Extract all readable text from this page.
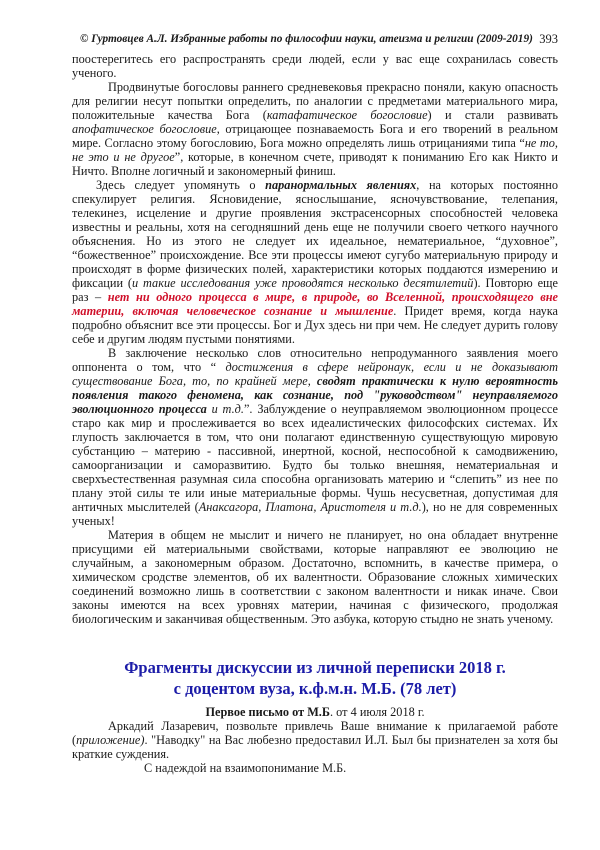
© Гуртовцев А.Л. Избранные работы по философии науки, атеизма и религии (2009-2019) 393

поостерегитесь его распространять среди людей, если у вас еще сохранилась совесть ученого.

Продвинутые богословы раннего средневековья прекрасно поняли, какую опасность для религии несут попытки определить, по аналогии с предметами материального мира, положительные качества Бога (катафатическое богословие) и стали развивать апофатическое богословие, отрицающее познаваемость Бога и его творений в реальном мире. Согласно этому богословию, Бога можно определять лишь отрицаниями типа “не то, не это и не другое”, которые, в конечном счете, приводят к пониманию Его как Никто и Ничто. Вполне логичный и закономерный финиш.

Здесь следует упомянуть о паранормальных явлениях, на которых постоянно спекулирует религия. Ясновидение, яснослышание, ясночувствование, телепания, телекинез, исцеление и другие проявления экстрасенсорных способностей человека известны и реальны, хотя на сегодняшний день еще не получили своего четкого научного объяснения. Но из этого не следует их идеальное, нематериальное, “духовное”, “божественное” происхождение. Все эти процессы имеют сугубо материальную природу и происходят в форме физических полей, характеристики которых поддаются измерению и фиксации (и такие исследования уже проводятся несколько десятилетий). Повторю еще раз – нет ни одного процесса в мире, в природе, во Вселенной, происходящего вне материи, включая человеческое сознание и мышление. Придет время, когда наука подробно объяснит все эти процессы. Бог и Дух здесь ни при чем. Не следует дурить голову себе и другим людям пустыми понятиями.

В заключение несколько слов относительно непродуманного заявления моего оппонента о том, что “ достижения в сфере нейронаук, если и не доказывают существование Бога, то, по крайней мере, сводят практически к нулю вероятность появления такого феномена, как сознание, под "руководством" неуправляемого эволюционного процесса и т.д.”. Заблуждение о неуправляемом эволюционном процессе старо как мир и прослеживается во всех идеалистических философских системах. Их глупость заключается в том, что они полагают единственную существующую мировую субстанцию – материю - пассивной, инертной, косной, неспособной к самодвижению, самоорганизации и саморазвитию. Будто бы только внешняя, нематериальная и сверхъестественная разумная сила способна организовать материю и “слепить” из нее по плану этой силы те или иные материальные формы. Чушь несусветная, допустимая для античных мыслителей (Анаксагора, Платона, Аристотеля и т.д.), но не для современных ученых!

Материя в общем не мыслит и ничего не планирует, но она обладает внутренне присущими ей материальными свойствами, которые направляют ее эволюцию не случайным, а закономерным образом. Достаточно, вспомнить, в качестве примера, о химическом сродстве элементов, об их валентности. Образование сложных химических соединений возможно лишь в соответствии с законом валентности и никак иначе. Свои законы имеются на всех уровнях материи, начиная с физического, продолжая биологическим и заканчивая общественным. Это азбука, которую стыдно не знать ученому.

Фрагменты дискуссии из личной переписки 2018 г.
с доцентом вуза, к.ф.м.н. М.Б. (78 лет)

Первое письмо от М.Б. от 4 июля 2018 г.

Аркадий Лазаревич, позвольте привлечь Ваше внимание к прилагаемой работе (приложение). "Наводку" на Вас любезно предоставил И.Л. Был бы признателен за хотя бы краткие суждения.

С надеждой на взаимопонимание М.Б.
